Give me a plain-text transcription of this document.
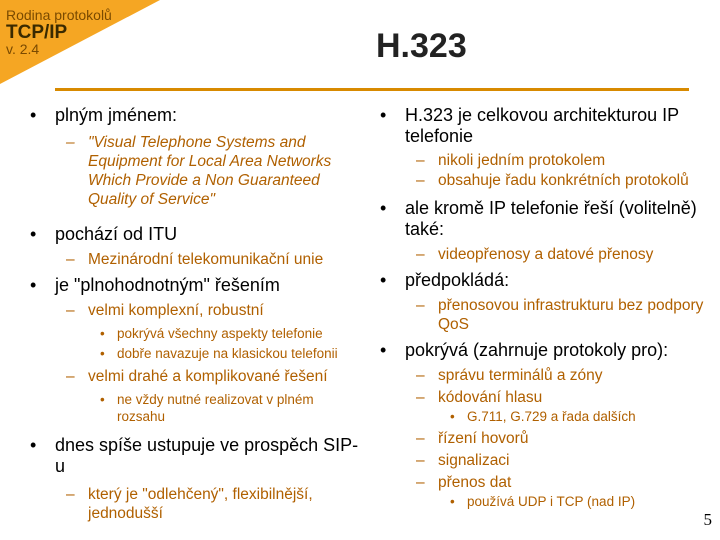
Rodina protokolů
TCP/IP
v. 2.4	H.323

• plným jménem:

– "Visual Telephone Systems and Equipment for Local Area Networks Which Provide a Non Guaranteed Quality of Service"

• pochází od ITU

– Mezinárodní telekomunikační unie

• je "plnohodnotným" řešením

– velmi komplexní, robustní

• pokrývá všechny aspekty telefonie

• dobře navazuje na klasickou telefonii

– velmi drahé a komplikované řešení

• ne vždy nutné realizovat v plném rozsahu

• dnes spíše ustupuje ve prospěch SIP-u

– který je "odlehčený", flexibilnější, jednodušší

• H.323 je celkovou architekturou IP telefonie

– nikoli jedním protokolem

– obsahuje řadu konkrétních protokolů

• ale kromě IP telefonie řeší (volitelně) také:

– videopřenosy a datové přenosy

• předpokládá:

– přenosovou infrastrukturu bez podpory QoS

• pokrývá (zahrnuje protokoly pro):

– správu terminálů a zóny

– kódování hlasu

• G.711, G.729 a řada dalších

– řízení hovorů

– signalizaci

– přenos dat

• používá UDP i TCP (nad IP)

5
